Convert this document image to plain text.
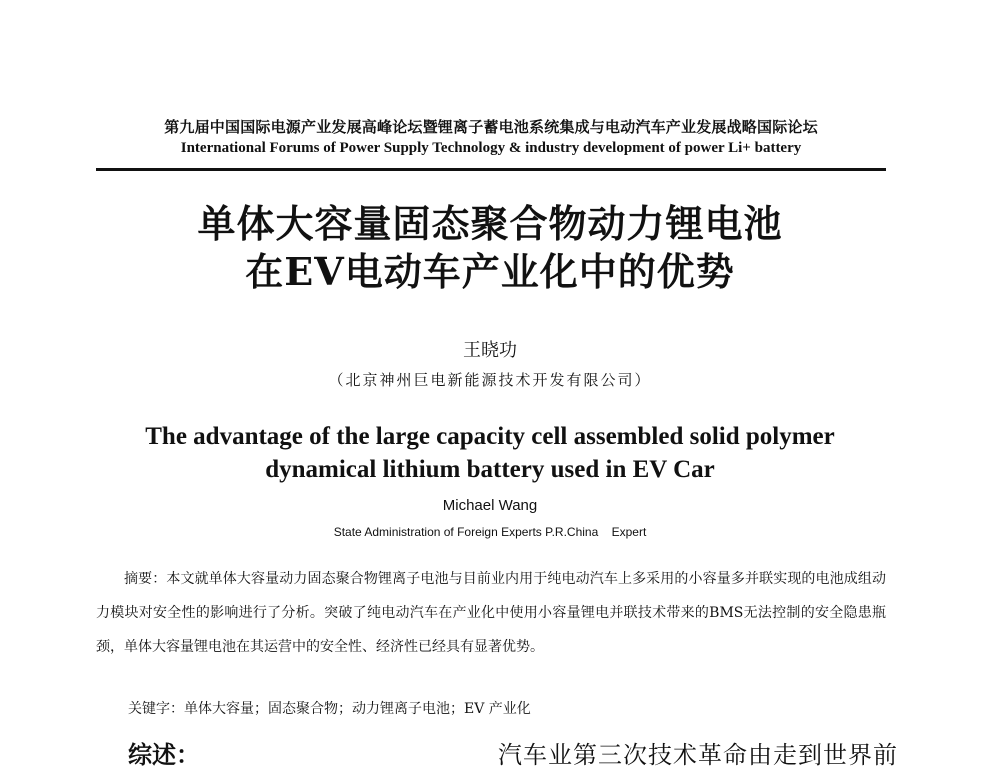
第九届中国国际电源产业发展高峰论坛暨锂离子蓄电池系统集成与电动汽车产业发展战略国际论坛
International Forums of Power Supply Technology & industry development of power Li+ battery
单体大容量固态聚合物动力锂电池
在EV电动车产业化中的优势
王晓功
（北京神州巨电新能源技术开发有限公司）
The advantage of the large capacity cell assembled solid polymer
dynamical lithium battery used in EV Car
Michael Wang
State Administration of Foreign Experts P.R.China    Expert
摘要：本文就单体大容量动力固态聚合物锂离子电池与目前业内用于纯电动汽车上多采用的小容量多并联实现的电池成组动力模块对安全性的影响进行了分析。突破了纯电动汽车在产业化中使用小容量锂电并联技术带来的BMS无法控制的安全隐患瓶颈，单体大容量锂电池在其运营中的安全性、经济性已经具有显著优势。
关键字：单体大容量；固态聚合物；动力锂离子电池；EV 产业化
综述：	汽车业第三次技术革命由走到世界前
